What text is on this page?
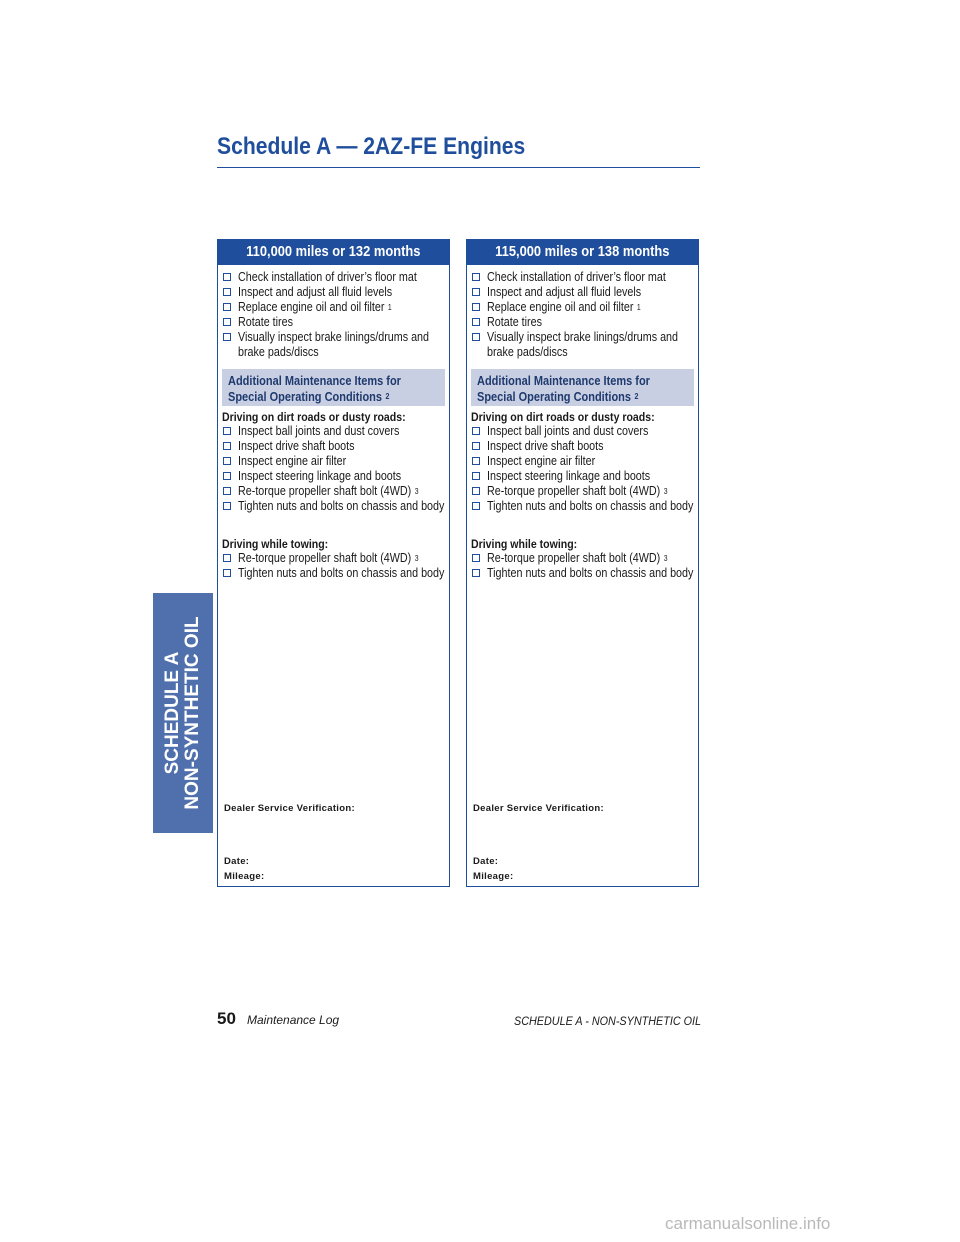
Schedule A — 2AZ-FE Engines
SCHEDULE A NON-SYNTHETIC OIL
110,000 miles or 132 months
Check installation of driver’s floor mat
Inspect and adjust all fluid levels
Replace engine oil and oil filter $^1$
Rotate tires
Visually inspect brake linings/drums and brake pads/discs
Additional Maintenance Items for
Special Operating Conditions $^2$
Driving on dirt roads or dusty roads:
Inspect ball joints and dust covers
Inspect drive shaft boots
Inspect engine air filter
Inspect steering linkage and boots
Re-torque propeller shaft bolt (4WD) $^3$
Tighten nuts and bolts on chassis and body
Driving while towing:
Re-torque propeller shaft bolt (4WD) $^3$
Tighten nuts and bolts on chassis and body
Dealer Service Verification:
Date:
Mileage:
115,000 miles or 138 months
Check installation of driver’s floor mat
Inspect and adjust all fluid levels
Replace engine oil and oil filter $^1$
Rotate tires
Visually inspect brake linings/drums and brake pads/discs
Additional Maintenance Items for
Special Operating Conditions $^2$
Driving on dirt roads or dusty roads:
Inspect ball joints and dust covers
Inspect drive shaft boots
Inspect engine air filter
Inspect steering linkage and boots
Re-torque propeller shaft bolt (4WD) $^3$
Tighten nuts and bolts on chassis and body
Driving while towing:
Re-torque propeller shaft bolt (4WD) $^3$
Tighten nuts and bolts on chassis and body
Dealer Service Verification:
Date:
Mileage:
50 Maintenance Log	SCHEDULE A - NON-SYNTHETIC OIL
carmanualsonline.info
